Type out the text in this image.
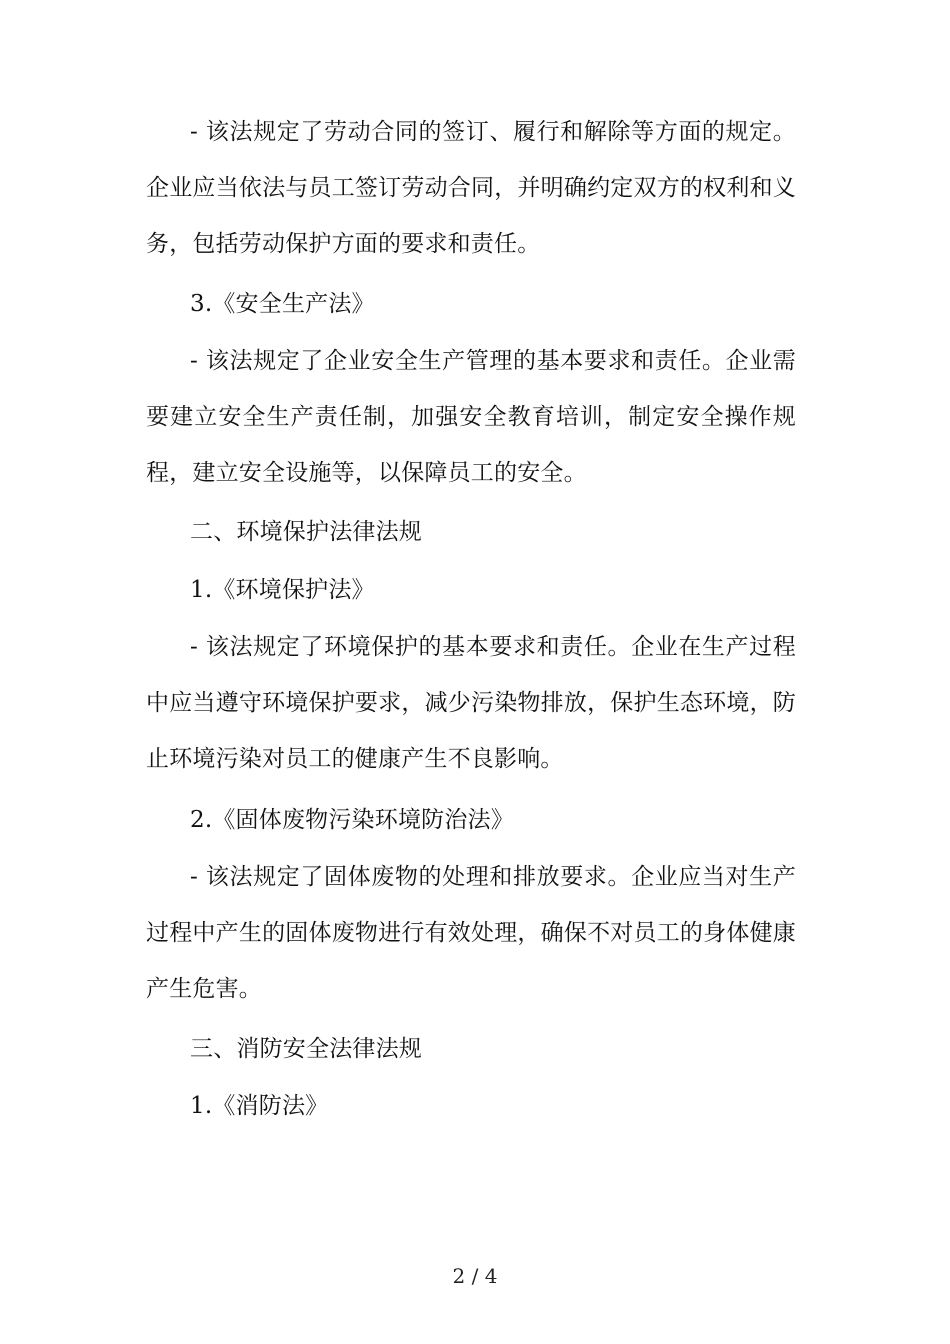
- 该法规定了劳动合同的签订、履行和解除等方面的规定。企业应当依法与员工签订劳动合同，并明确约定双方的权利和义务，包括劳动保护方面的要求和责任。
3.《安全生产法》
- 该法规定了企业安全生产管理的基本要求和责任。企业需要建立安全生产责任制，加强安全教育培训，制定安全操作规程，建立安全设施等，以保障员工的安全。
二、环境保护法律法规
1.《环境保护法》
- 该法规定了环境保护的基本要求和责任。企业在生产过程中应当遵守环境保护要求，减少污染物排放，保护生态环境，防止环境污染对员工的健康产生不良影响。
2.《固体废物污染环境防治法》
- 该法规定了固体废物的处理和排放要求。企业应当对生产过程中产生的固体废物进行有效处理，确保不对员工的身体健康产生危害。
三、消防安全法律法规
1.《消防法》
2 / 4
